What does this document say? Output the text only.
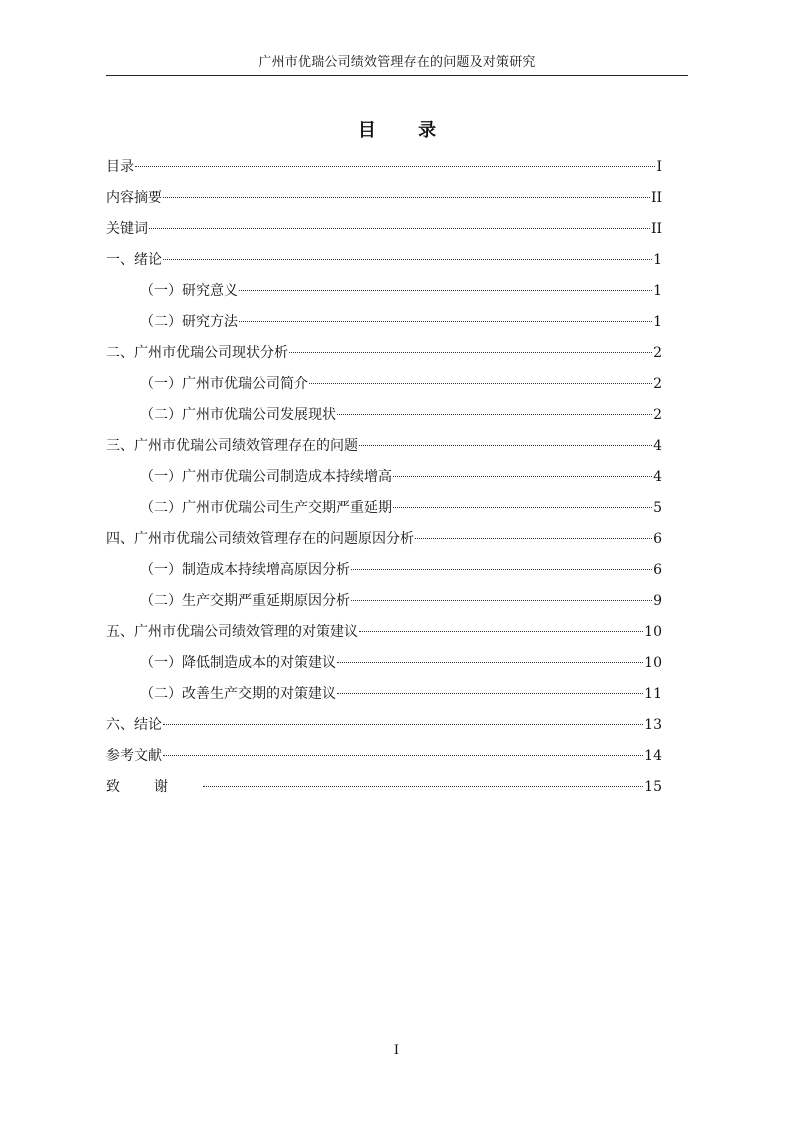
广州市优瑞公司绩效管理存在的问题及对策研究
目 录
目录	I
内容摘要	II
关键词	II
一、绪论	1
（一）研究意义	1
（二）研究方法	1
二、广州市优瑞公司现状分析	2
（一）广州市优瑞公司简介	2
（二）广州市优瑞公司发展现状	2
三、广州市优瑞公司绩效管理存在的问题	4
（一）广州市优瑞公司制造成本持续增高	4
（二）广州市优瑞公司生产交期严重延期	5
四、广州市优瑞公司绩效管理存在的问题原因分析	6
（一）制造成本持续增高原因分析	6
（二）生产交期严重延期原因分析	9
五、广州市优瑞公司绩效管理的对策建议	10
（一）降低制造成本的对策建议	10
（二）改善生产交期的对策建议	11
六、结论	13
参考文献	14
致谢	15
I
